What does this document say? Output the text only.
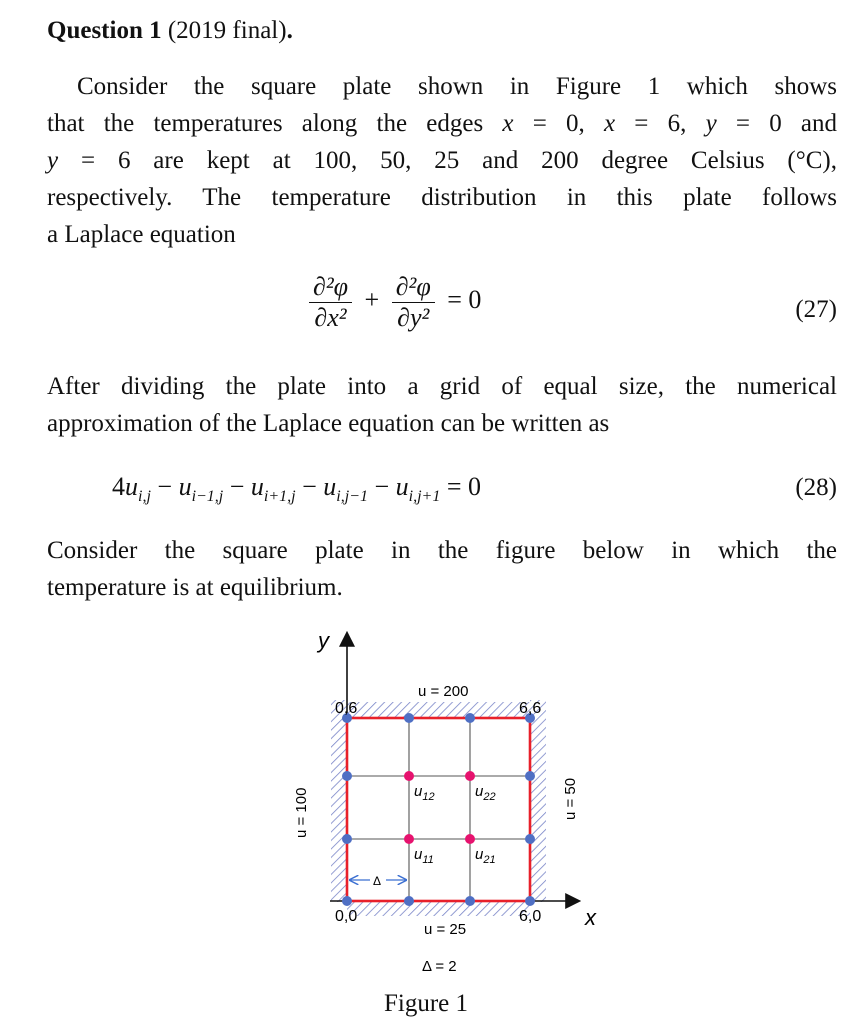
Question 1 (2019 final).
Consider the square plate shown in Figure 1 which shows
that the temperatures along the edges x = 0, x = 6, y = 0 and
y = 6 are kept at 100, 50, 25 and 200 degree Celsius (°C),
respectively. The temperature distribution in this plate follows
a Laplace equation
$\frac{\text{∂²φ}}{\text{∂x²}} + \frac{\text{∂²φ}}{\text{∂y²}} = 0$	(27)
After dividing the plate into a grid of equal size, the numerical
approximation of the Laplace equation can be written as
$4u_{i,j} - u_{i-1,j} - u_{i+1,j} - u_{i,j-1} - u_{i,j+1} = 0$	(28)
Consider the square plate in the figure below in which the
temperature is at equilibrium.
y
x
u = 200
u = 25
u = 100	u = 50
0,6	6,6
0,0	6,0
$u_{12}$	$u_{22}$
$u_{11}$	$u_{21}$
Δ
Δ = 2
Figure 1
